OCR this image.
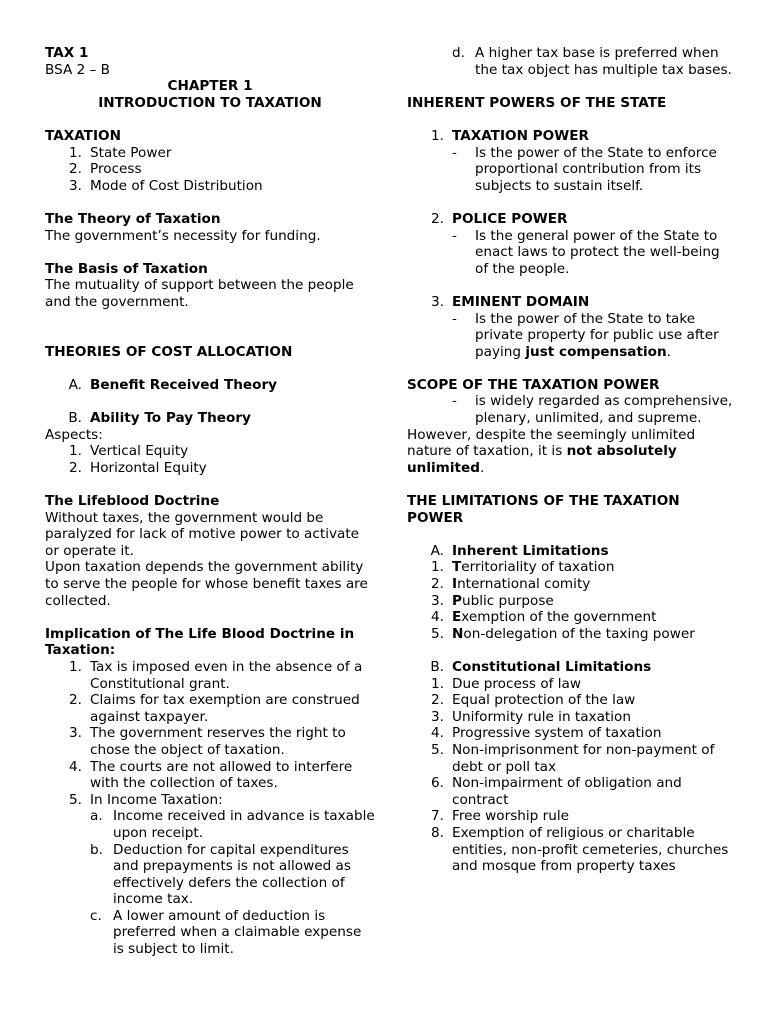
TAX 1
BSA 2 – B
CHAPTER 1
INTRODUCTION TO TAXATION
TAXATION
1. State Power
2. Process
3. Mode of Cost Distribution
The Theory of Taxation
The government’s necessity for funding.
The Basis of Taxation
The mutuality of support between the people and the government.
THEORIES OF COST ALLOCATION
A. Benefit Received Theory
B. Ability To Pay Theory
Aspects:
1. Vertical Equity
2. Horizontal Equity
The Lifeblood Doctrine
Without taxes, the government would be paralyzed for lack of motive power to activate or operate it.
Upon taxation depends the government ability to serve the people for whose benefit taxes are collected.
Implication of The Life Blood Doctrine in Taxation:
1. Tax is imposed even in the absence of a Constitutional grant.
2. Claims for tax exemption are construed against taxpayer.
3. The government reserves the right to chose the object of taxation.
4. The courts are not allowed to interfere with the collection of taxes.
5. In Income Taxation:
a. Income received in advance is taxable upon receipt.
b. Deduction for capital expenditures and prepayments is not allowed as effectively defers the collection of income tax.
c. A lower amount of deduction is preferred when a claimable expense is subject to limit.
d. A higher tax base is preferred when the tax object has multiple tax bases.
INHERENT POWERS OF THE STATE
1. TAXATION POWER
- Is the power of the State to enforce proportional contribution from its subjects to sustain itself.
2. POLICE POWER
- Is the general power of the State to enact laws to protect the well-being of the people.
3. EMINENT DOMAIN
- Is the power of the State to take private property for public use after paying just compensation.
SCOPE OF THE TAXATION POWER
- is widely regarded as comprehensive, plenary, unlimited, and supreme.
However, despite the seemingly unlimited nature of taxation, it is not absolutely unlimited.
THE LIMITATIONS OF THE TAXATION POWER
A. Inherent Limitations
1. Territoriality of taxation
2. International comity
3. Public purpose
4. Exemption of the government
5. Non-delegation of the taxing power
B. Constitutional Limitations
1. Due process of law
2. Equal protection of the law
3. Uniformity rule in taxation
4. Progressive system of taxation
5. Non-imprisonment for non-payment of debt or poll tax
6. Non-impairment of obligation and contract
7. Free worship rule
8. Exemption of religious or charitable entities, non-profit cemeteries, churches and mosque from property taxes
